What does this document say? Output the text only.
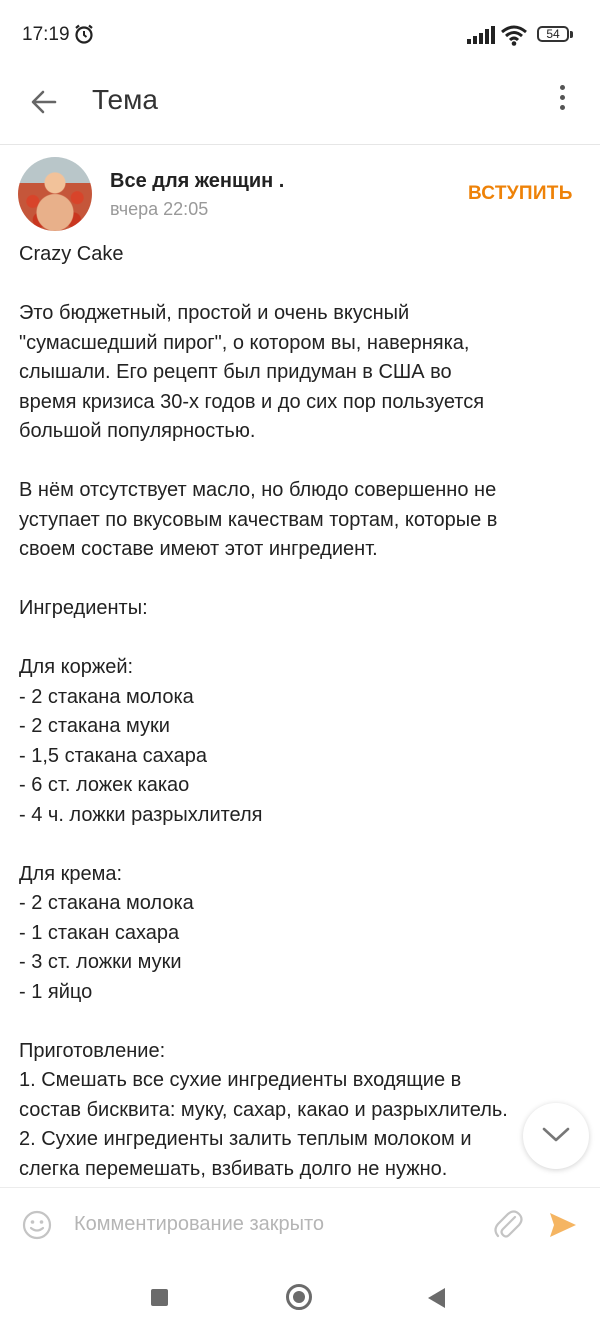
17:19	54
Тема
Все для женщин .
вчера 22:05
ВСТУПИТЬ

Crazy Cake

Это бюджетный, простой и очень вкусный

"сумасшедший пирог", о котором вы, наверняка,

слышали. Его рецепт был придуман в США во

время кризиса 30-х годов и до сих пор пользуется

большой популярностью.

В нём отсутствует масло, но блюдо совершенно не

уступает по вкусовым качествам тортам, которые в

своем составе имеют этот ингредиент.

Ингредиенты:

Для коржей:

- 2 стакана молока

- 2 стакана муки

- 1,5 стакана сахара

- 6 ст. ложек какао

- 4 ч. ложки разрыхлителя

Для крема:

- 2 стакана молока

- 1 стакан сахара

- 3 ст. ложки муки

- 1 яйцо

Приготовление:

1. Смешать все сухие ингредиенты входящие в

состав бисквита: муку, сахар, какао и разрыхлитель.

2. Сухие ингредиенты залить теплым молоком и

слегка перемешать, взбивать долго не нужно.

Комментирование закрыто
